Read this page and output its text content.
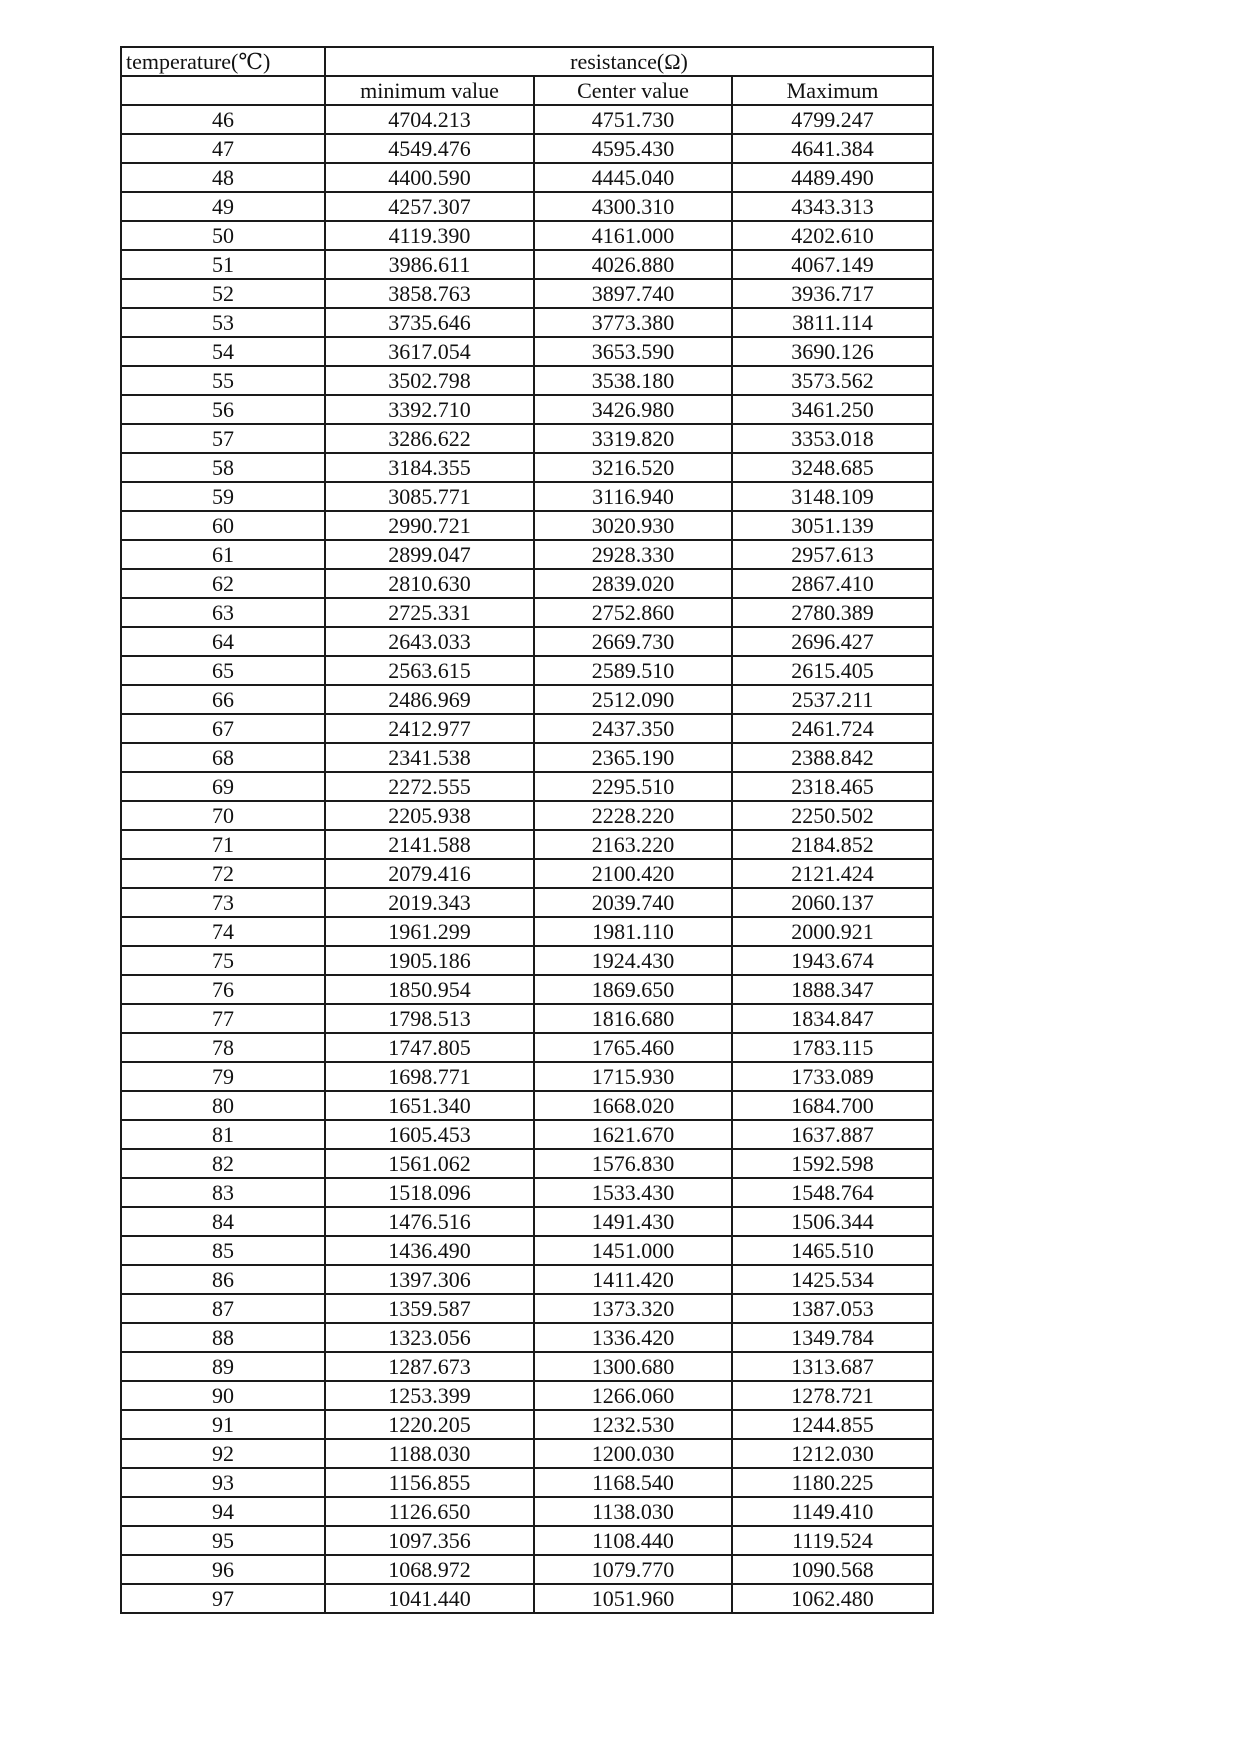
temperature(℃)	resistance(Ω)		
	minimum value	Center value	Maximum
46	4704.213	4751.730	4799.247
47	4549.476	4595.430	4641.384
48	4400.590	4445.040	4489.490
49	4257.307	4300.310	4343.313
50	4119.390	4161.000	4202.610
51	3986.611	4026.880	4067.149
52	3858.763	3897.740	3936.717
53	3735.646	3773.380	3811.114
54	3617.054	3653.590	3690.126
55	3502.798	3538.180	3573.562
56	3392.710	3426.980	3461.250
57	3286.622	3319.820	3353.018
58	3184.355	3216.520	3248.685
59	3085.771	3116.940	3148.109
60	2990.721	3020.930	3051.139
61	2899.047	2928.330	2957.613
62	2810.630	2839.020	2867.410
63	2725.331	2752.860	2780.389
64	2643.033	2669.730	2696.427
65	2563.615	2589.510	2615.405
66	2486.969	2512.090	2537.211
67	2412.977	2437.350	2461.724
68	2341.538	2365.190	2388.842
69	2272.555	2295.510	2318.465
70	2205.938	2228.220	2250.502
71	2141.588	2163.220	2184.852
72	2079.416	2100.420	2121.424
73	2019.343	2039.740	2060.137
74	1961.299	1981.110	2000.921
75	1905.186	1924.430	1943.674
76	1850.954	1869.650	1888.347
77	1798.513	1816.680	1834.847
78	1747.805	1765.460	1783.115
79	1698.771	1715.930	1733.089
80	1651.340	1668.020	1684.700
81	1605.453	1621.670	1637.887
82	1561.062	1576.830	1592.598
83	1518.096	1533.430	1548.764
84	1476.516	1491.430	1506.344
85	1436.490	1451.000	1465.510
86	1397.306	1411.420	1425.534
87	1359.587	1373.320	1387.053
88	1323.056	1336.420	1349.784
89	1287.673	1300.680	1313.687
90	1253.399	1266.060	1278.721
91	1220.205	1232.530	1244.855
92	1188.030	1200.030	1212.030
93	1156.855	1168.540	1180.225
94	1126.650	1138.030	1149.410
95	1097.356	1108.440	1119.524
96	1068.972	1079.770	1090.568
97	1041.440	1051.960	1062.480
